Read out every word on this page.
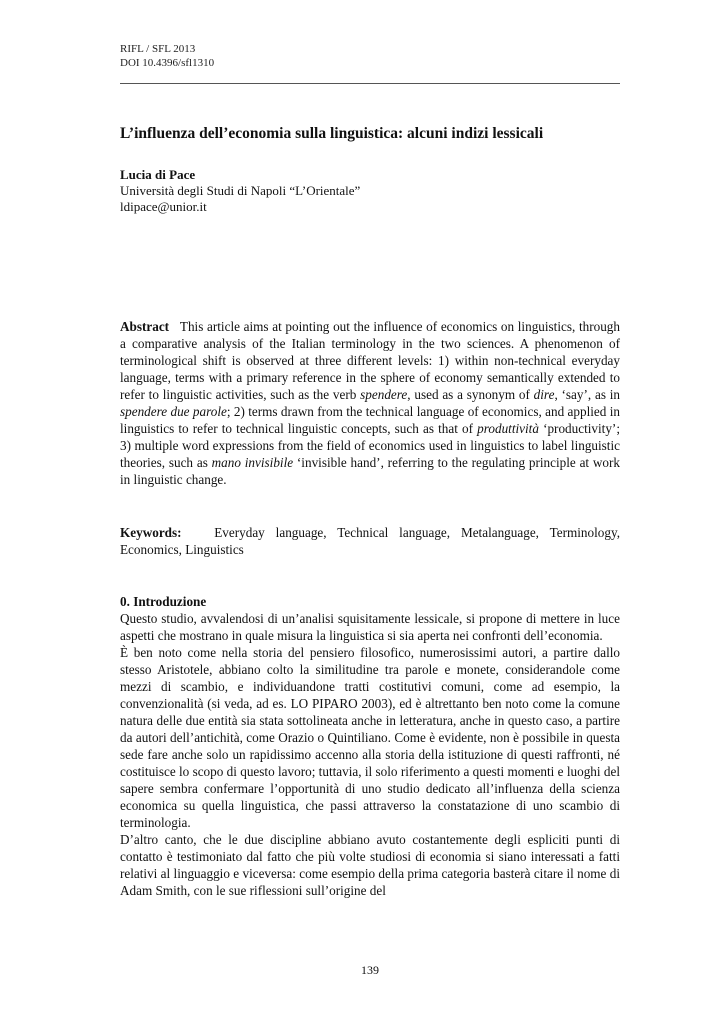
RIFL / SFL 2013
DOI 10.4396/sfl1310
L’influenza dell’economia sulla linguistica: alcuni indizi lessicali
Lucia di Pace
Università degli Studi di Napoli “L’Orientale”
ldipace@unior.it

Abstract This article aims at pointing out the influence of economics on linguistics, through a comparative analysis of the Italian terminology in the two sciences. A phenomenon of terminological shift is observed at three different levels: 1) within non-technical everyday language, terms with a primary reference in the sphere of economy semantically extended to refer to linguistic activities, such as the verb spendere, used as a synonym of dire, ‘say’, as in spendere due parole; 2) terms drawn from the technical language of economics, and applied in linguistics to refer to technical linguistic concepts, such as that of produttività ‘productivity’; 3) multiple word expressions from the field of economics used in linguistics to label linguistic theories, such as mano invisibile ‘invisible hand’, referring to the regulating principle at work in linguistic change.

Keywords: Everyday language, Technical language, Metalanguage, Terminology, Economics, Linguistics

0. Introduzione

Questo studio, avvalendosi di un’analisi squisitamente lessicale, si propone di mettere in luce aspetti che mostrano in quale misura la linguistica si sia aperta nei confronti dell’economia.

È ben noto come nella storia del pensiero filosofico, numerosissimi autori, a partire dallo stesso Aristotele, abbiano colto la similitudine tra parole e monete, considerandole come mezzi di scambio, e individuandone tratti costitutivi comuni, come ad esempio, la convenzionalità (si veda, ad es. LO PIPARO 2003), ed è altrettanto ben noto come la comune natura delle due entità sia stata sottolineata anche in letteratura, anche in questo caso, a partire da autori dell’antichità, come Orazio o Quintiliano. Come è evidente, non è possibile in questa sede fare anche solo un rapidissimo accenno alla storia della istituzione di questi raffronti, né costituisce lo scopo di questo lavoro; tuttavia, il solo riferimento a questi momenti e luoghi del sapere sembra confermare l’opportunità di uno studio dedicato all’influenza della scienza economica su quella linguistica, che passi attraverso la constatazione di uno scambio di terminologia.

D’altro canto, che le due discipline abbiano avuto costantemente degli espliciti punti di contatto è testimoniato dal fatto che più volte studiosi di economia si siano interessati a fatti relativi al linguaggio e viceversa: come esempio della prima categoria basterà citare il nome di Adam Smith, con le sue riflessioni sull’origine del

139
